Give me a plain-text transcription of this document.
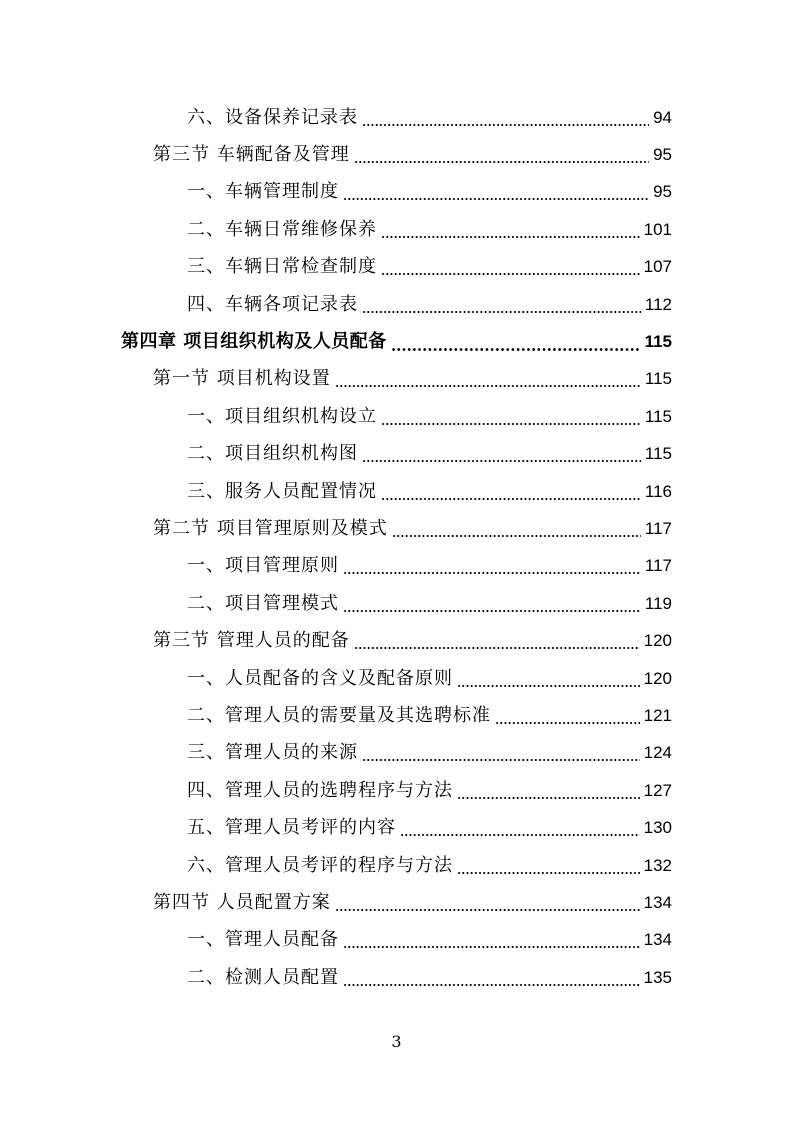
六、设备保养记录表	94
第三节 车辆配备及管理	95
一、车辆管理制度	95
二、车辆日常维修保养	101
三、车辆日常检查制度	107
四、车辆各项记录表	112
第四章 项目组织机构及人员配备	115
第一节 项目机构设置	115
一、项目组织机构设立	115
二、项目组织机构图	115
三、服务人员配置情况	116
第二节 项目管理原则及模式	117
一、项目管理原则	117
二、项目管理模式	119
第三节 管理人员的配备	120
一、人员配备的含义及配备原则	120
二、管理人员的需要量及其选聘标准	121
三、管理人员的来源	124
四、管理人员的选聘程序与方法	127
五、管理人员考评的内容	130
六、管理人员考评的程序与方法	132
第四节 人员配置方案	134
一、管理人员配备	134
二、检测人员配置	135
3
